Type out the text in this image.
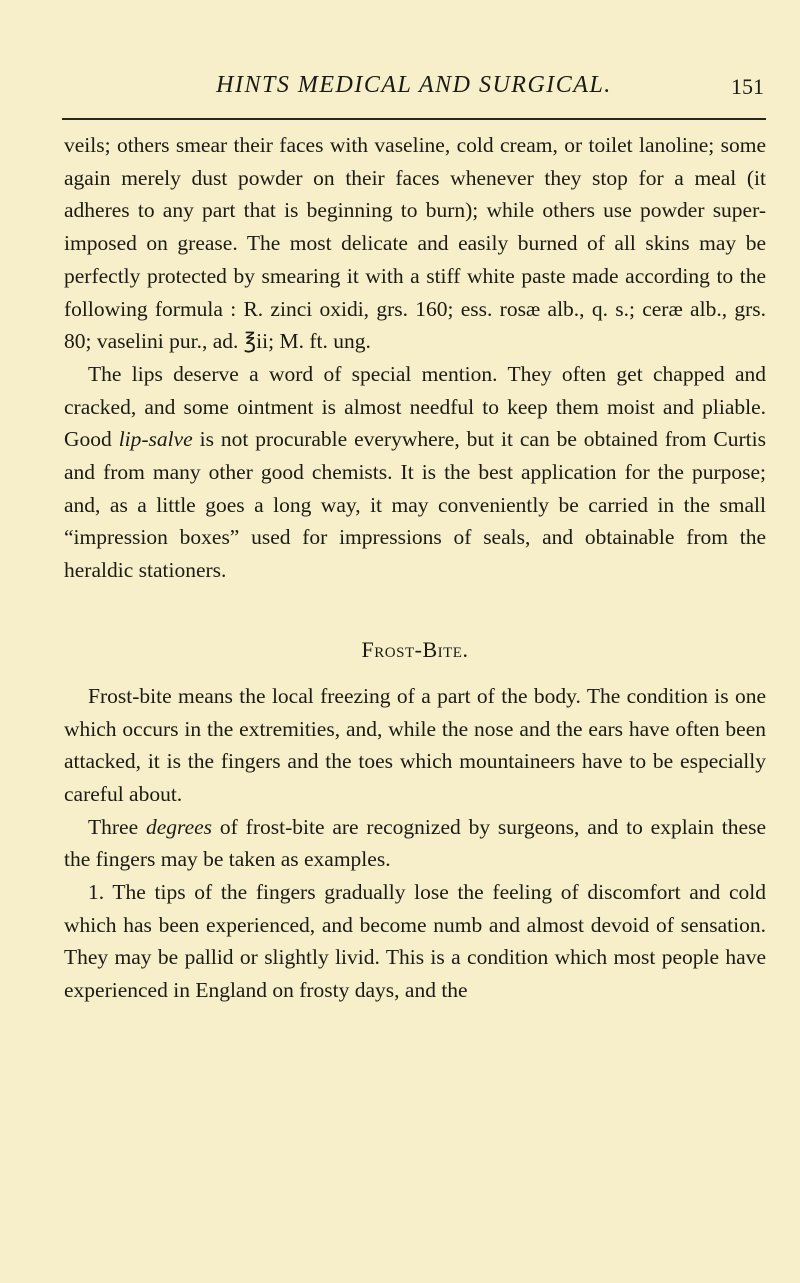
HINTS MEDICAL AND SURGICAL.	151

veils; others smear their faces with vaseline, cold cream, or toilet lanoline; some again merely dust powder on their faces whenever they stop for a meal (it adheres to any part that is beginning to burn); while others use powder super-imposed on grease. The most delicate and easily burned of all skins may be perfectly protected by smearing it with a stiff white paste made according to the following formula : R. zinci oxidi, grs. 160; ess. rosæ alb., q. s.; ceræ alb., grs. 80; vaselini pur., ad. ℥ii; M. ft. ung.

The lips deserve a word of special mention. They often get chapped and cracked, and some ointment is almost needful to keep them moist and pliable. Good lip-salve is not procurable everywhere, but it can be obtained from Curtis and from many other good chemists. It is the best application for the purpose; and, as a little goes a long way, it may conveniently be carried in the small “impression boxes” used for impressions of seals, and obtainable from the heraldic stationers.

Frost-Bite.

Frost-bite means the local freezing of a part of the body. The condition is one which occurs in the extremities, and, while the nose and the ears have often been attacked, it is the fingers and the toes which mountaineers have to be especially careful about.

Three degrees of frost-bite are recognized by surgeons, and to explain these the fingers may be taken as examples.

1. The tips of the fingers gradually lose the feeling of discomfort and cold which has been experienced, and become numb and almost devoid of sensation. They may be pallid or slightly livid. This is a condition which most people have experienced in England on frosty days, and the
